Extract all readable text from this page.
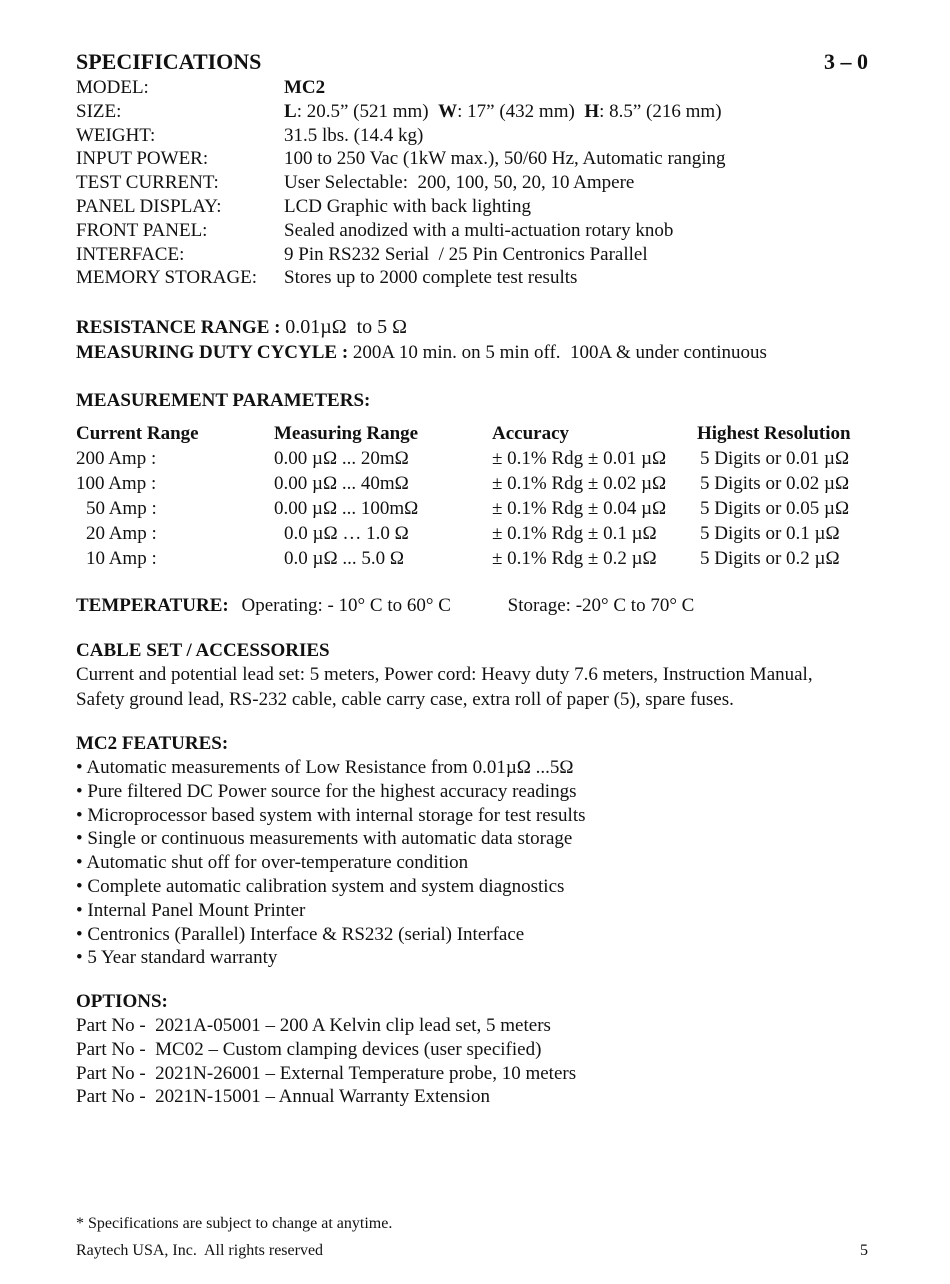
SPECIFICATIONS	3 – 0
MODEL:	MC2
SIZE:	L: 20.5” (521 mm)  W: 17” (432 mm)  H: 8.5” (216 mm)
WEIGHT:	31.5 lbs. (14.4 kg)
INPUT POWER:	100 to 250 Vac (1kW max.), 50/60 Hz, Automatic ranging
TEST CURRENT:	User Selectable:  200, 100, 50, 20, 10 Ampere
PANEL DISPLAY:	LCD Graphic with back lighting
FRONT PANEL:	Sealed anodized with a multi-actuation rotary knob
INTERFACE:	9 Pin RS232 Serial  / 25 Pin Centronics Parallel
MEMORY STORAGE:	Stores up to 2000 complete test results
RESISTANCE RANGE : 0.01µΩ  to 5 Ω
MEASURING DUTY CYCYLE : 200A 10 min. on 5 min off.  100A & under continuous
MEASUREMENT PARAMETERS:
Current Range	Measuring Range	Accuracy	Highest Resolution
200 Amp :	0.00 µΩ ... 20mΩ	± 0.1% Rdg ± 0.01 µΩ	5 Digits or 0.01 µΩ
100 Amp :	0.00 µΩ ... 40mΩ	± 0.1% Rdg ± 0.02 µΩ	5 Digits or 0.02 µΩ
50 Amp :	0.00 µΩ ... 100mΩ	± 0.1% Rdg ± 0.04 µΩ	5 Digits or 0.05 µΩ
20 Amp :	0.0 µΩ … 1.0 Ω	± 0.1% Rdg ± 0.1 µΩ	5 Digits or 0.1 µΩ
10 Amp :	0.0 µΩ ... 5.0 Ω	± 0.1% Rdg ± 0.2 µΩ	5 Digits or 0.2 µΩ
TEMPERATURE: Operating: - 10° C to 60° C	Storage: -20° C to 70° C
CABLE SET / ACCESSORIES
Current and potential lead set: 5 meters, Power cord: Heavy duty 7.6 meters, Instruction Manual,
Safety ground lead, RS-232 cable, cable carry case, extra roll of paper (5), spare fuses.
MC2 FEATURES:
• Automatic measurements of Low Resistance from 0.01µΩ ...5Ω
• Pure filtered DC Power source for the highest accuracy readings
• Microprocessor based system with internal storage for test results
• Single or continuous measurements with automatic data storage
• Automatic shut off for over-temperature condition
• Complete automatic calibration system and system diagnostics
• Internal Panel Mount Printer
• Centronics (Parallel) Interface & RS232 (serial) Interface
• 5 Year standard warranty
OPTIONS:
Part No -  2021A-05001 – 200 A Kelvin clip lead set, 5 meters
Part No -  MC02 – Custom clamping devices (user specified)
Part No -  2021N-26001 – External Temperature probe, 10 meters
Part No -  2021N-15001 – Annual Warranty Extension
* Specifications are subject to change at anytime.
Raytech USA, Inc.  All rights reserved	5
